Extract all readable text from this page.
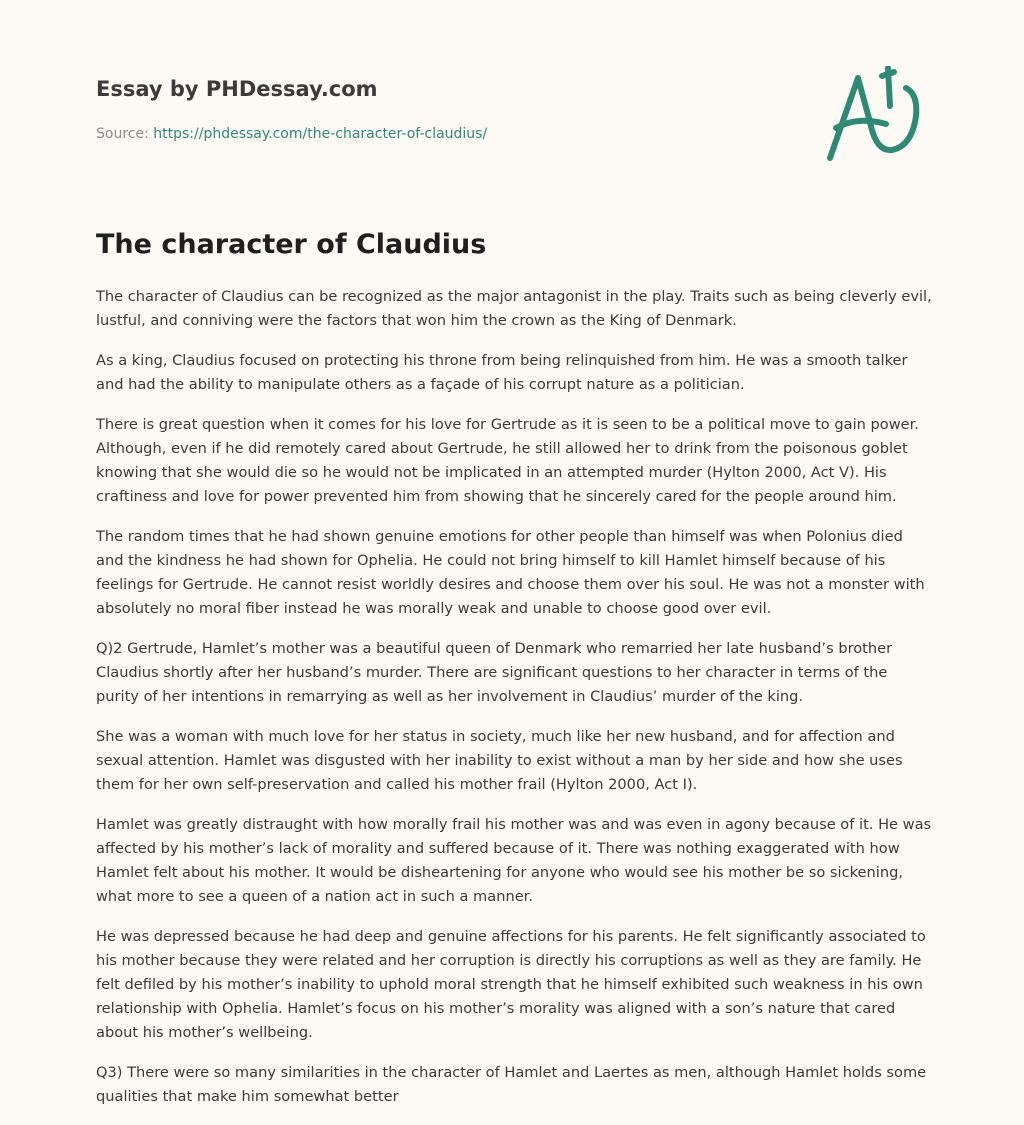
Essay by PHDessay.com

Source: https://phdessay.com/the-character-of-claudius/
The character of Claudius

The character of Claudius can be recognized as the major antagonist in the play. Traits such as being cleverly evil, lustful, and conniving were the factors that won him the crown as the King of Denmark.

As a king, Claudius focused on protecting his throne from being relinquished from him. He was a smooth talker and had the ability to manipulate others as a façade of his corrupt nature as a politician.

There is great question when it comes for his love for Gertrude as it is seen to be a political move to gain power. Although, even if he did remotely cared about Gertrude, he still allowed her to drink from the poisonous goblet knowing that she would die so he would not be implicated in an attempted murder (Hylton 2000, Act V). His craftiness and love for power prevented him from showing that he sincerely cared for the people around him.

The random times that he had shown genuine emotions for other people than himself was when Polonius died and the kindness he had shown for Ophelia. He could not bring himself to kill Hamlet himself because of his feelings for Gertrude. He cannot resist worldly desires and choose them over his soul. He was not a monster with absolutely no moral fiber instead he was morally weak and unable to choose good over evil.

Q)2 Gertrude, Hamlet’s mother was a beautiful queen of Denmark who remarried her late husband’s brother Claudius shortly after her husband’s murder. There are significant questions to her character in terms of the purity of her intentions in remarrying as well as her involvement in Claudius’ murder of the king.

She was a woman with much love for her status in society, much like her new husband, and for affection and sexual attention. Hamlet was disgusted with her inability to exist without a man by her side and how she uses them for her own self-preservation and called his mother frail (Hylton 2000, Act I).

Hamlet was greatly distraught with how morally frail his mother was and was even in agony because of it. He was affected by his mother’s lack of morality and suffered because of it. There was nothing exaggerated with how Hamlet felt about his mother. It would be disheartening for anyone who would see his mother be so sickening, what more to see a queen of a nation act in such a manner.

He was depressed because he had deep and genuine affections for his parents. He felt significantly associated to his mother because they were related and her corruption is directly his corruptions as well as they are family. He felt defiled by his mother’s inability to uphold moral strength that he himself exhibited such weakness in his own relationship with Ophelia. Hamlet’s focus on his mother’s morality was aligned with a son’s nature that cared about his mother’s wellbeing.

Q3) There were so many similarities in the character of Hamlet and Laertes as men, although Hamlet holds some qualities that make him somewhat better
